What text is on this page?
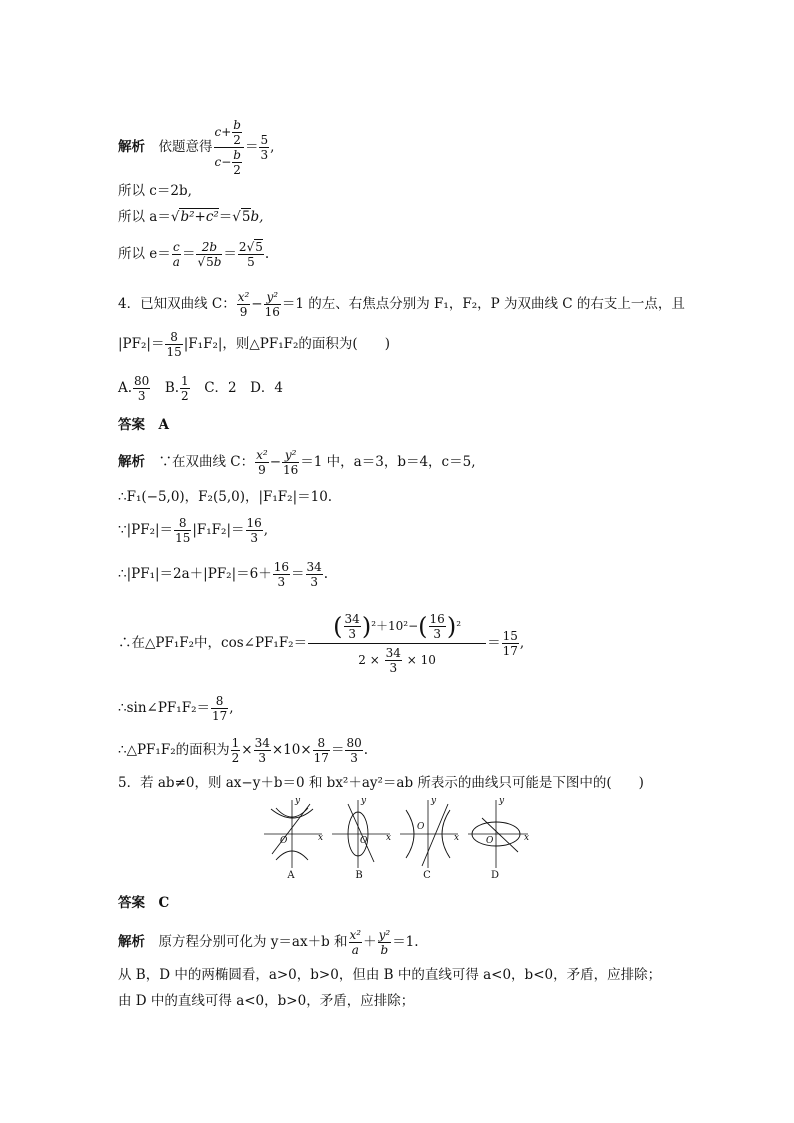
解析　 依题意得 $\frac{c+ \frac{b}{2}}{c- \frac{b}{2}} = \frac{5}{3}$ ,
所以 c＝2b,
所以 a＝√b²+c²＝√5b,
所以 $e= \frac{c}{a} = \frac{2b}{√5b} = \frac{2√5}{5}$ .
4．已知双曲线 C： $\frac{\text{x²}}{9} - \frac{\text{y²}}{16} =1$ 的左、右焦点分别为 F₁，F₂，P 为双曲线 C 的右支上一点，且
$|PF_2|= \frac{8}{15} |F_1F_2|$，则△PF₁F₂的面积为(　　)
A. $\frac{80}{3}$
　 B. $\frac{1}{2}$
　 C．2　D．4
答案　A
解析　 ∵在双曲线 C： $\frac{\text{x²}}{9} - \frac{\text{y²}}{16} =1$ 中，a＝3，b＝4，c＝5,
∴F₁(−5,0)，F₂(5,0)，|F₁F₂|＝10.
∵|PF₂|＝ $\frac{8}{15} |F_1F_2|= \frac{16}{3}$ ,
∴|PF₁|＝2a＋|PF₂|＝6＋ $\frac{16}{3} = \frac{34}{3}$ .
∴在△PF₁F₂中，cos∠PF₁F₂＝ $\frac{( \frac{34}{3} )^2+10^2-( \frac{16}{3} )^2}{2 \times \frac{34}{3} \times 10} = \frac{15}{17}$ ,
∴sin∠PF₁F₂＝ $\frac{8}{17}$ ,
∴△PF₁F₂的面积为 $\frac{1}{2} \times \frac{34}{3} \times 10\times \frac{8}{17} = \frac{80}{3}$ .
5．若 ab≠0，则 ax−y＋b＝0 和 bx²＋ay²＝ab 所表示的曲线只可能是下图中的(　　)
y
x
O
A
y
x
O
B
y
x
O
C
y
x
O
D
答案　C
解析　 原方程分别可化为 y＝ax＋b 和 $\frac{\text{x²}}{a} + \frac{\text{y²}}{b} =1$.
从 B，D 中的两椭圆看，a>0，b>0，但由 B 中的直线可得 a<0，b<0，矛盾，应排除；
由 D 中的直线可得 a<0，b>0，矛盾，应排除；
